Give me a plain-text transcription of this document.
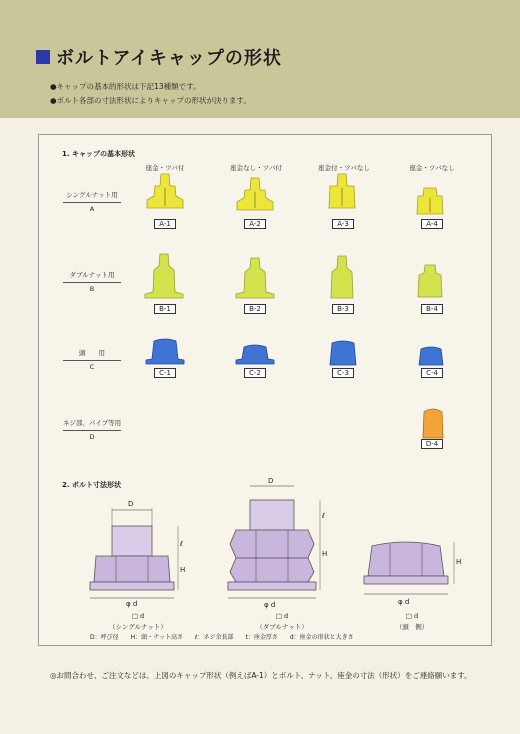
ボルトアイキャップの形状
●キャップの基本的形状は下記13種類です。
●ボルト各部の寸法形状によりキャップの形状が決ります。
1. キャップの基本形状
座金・ツバ付	座金なし・ツバ付	座金付・ツバなし	座金・ツバなし
シングルナット用
A
ダブルナット用
B
頭　　用
C
ネジ部、パイプ等用
D
A-1	A-2	A-3	A-4
B-1	B-2	B-3	B-4
C-1	C-2	C-3	C-4
D-4
2. ボルト寸法形状
D
ℓ
H
φ d
□ d
（シングルナット）
D
ℓ
H
φ d
□ d
（ダブルナット）
H
φ d
□ d
（頭　側）
D：呼び径　　H：頭・ナット高さ　　ℓ：ネジ余長部　　t：座金厚さ　　d：座金の形状と大きさ
◎お問合わせ、ご注文などは、上図のキャップ形状（例えばA-1）とボルト、ナット、座金の寸法（形状）をご連絡願います。
